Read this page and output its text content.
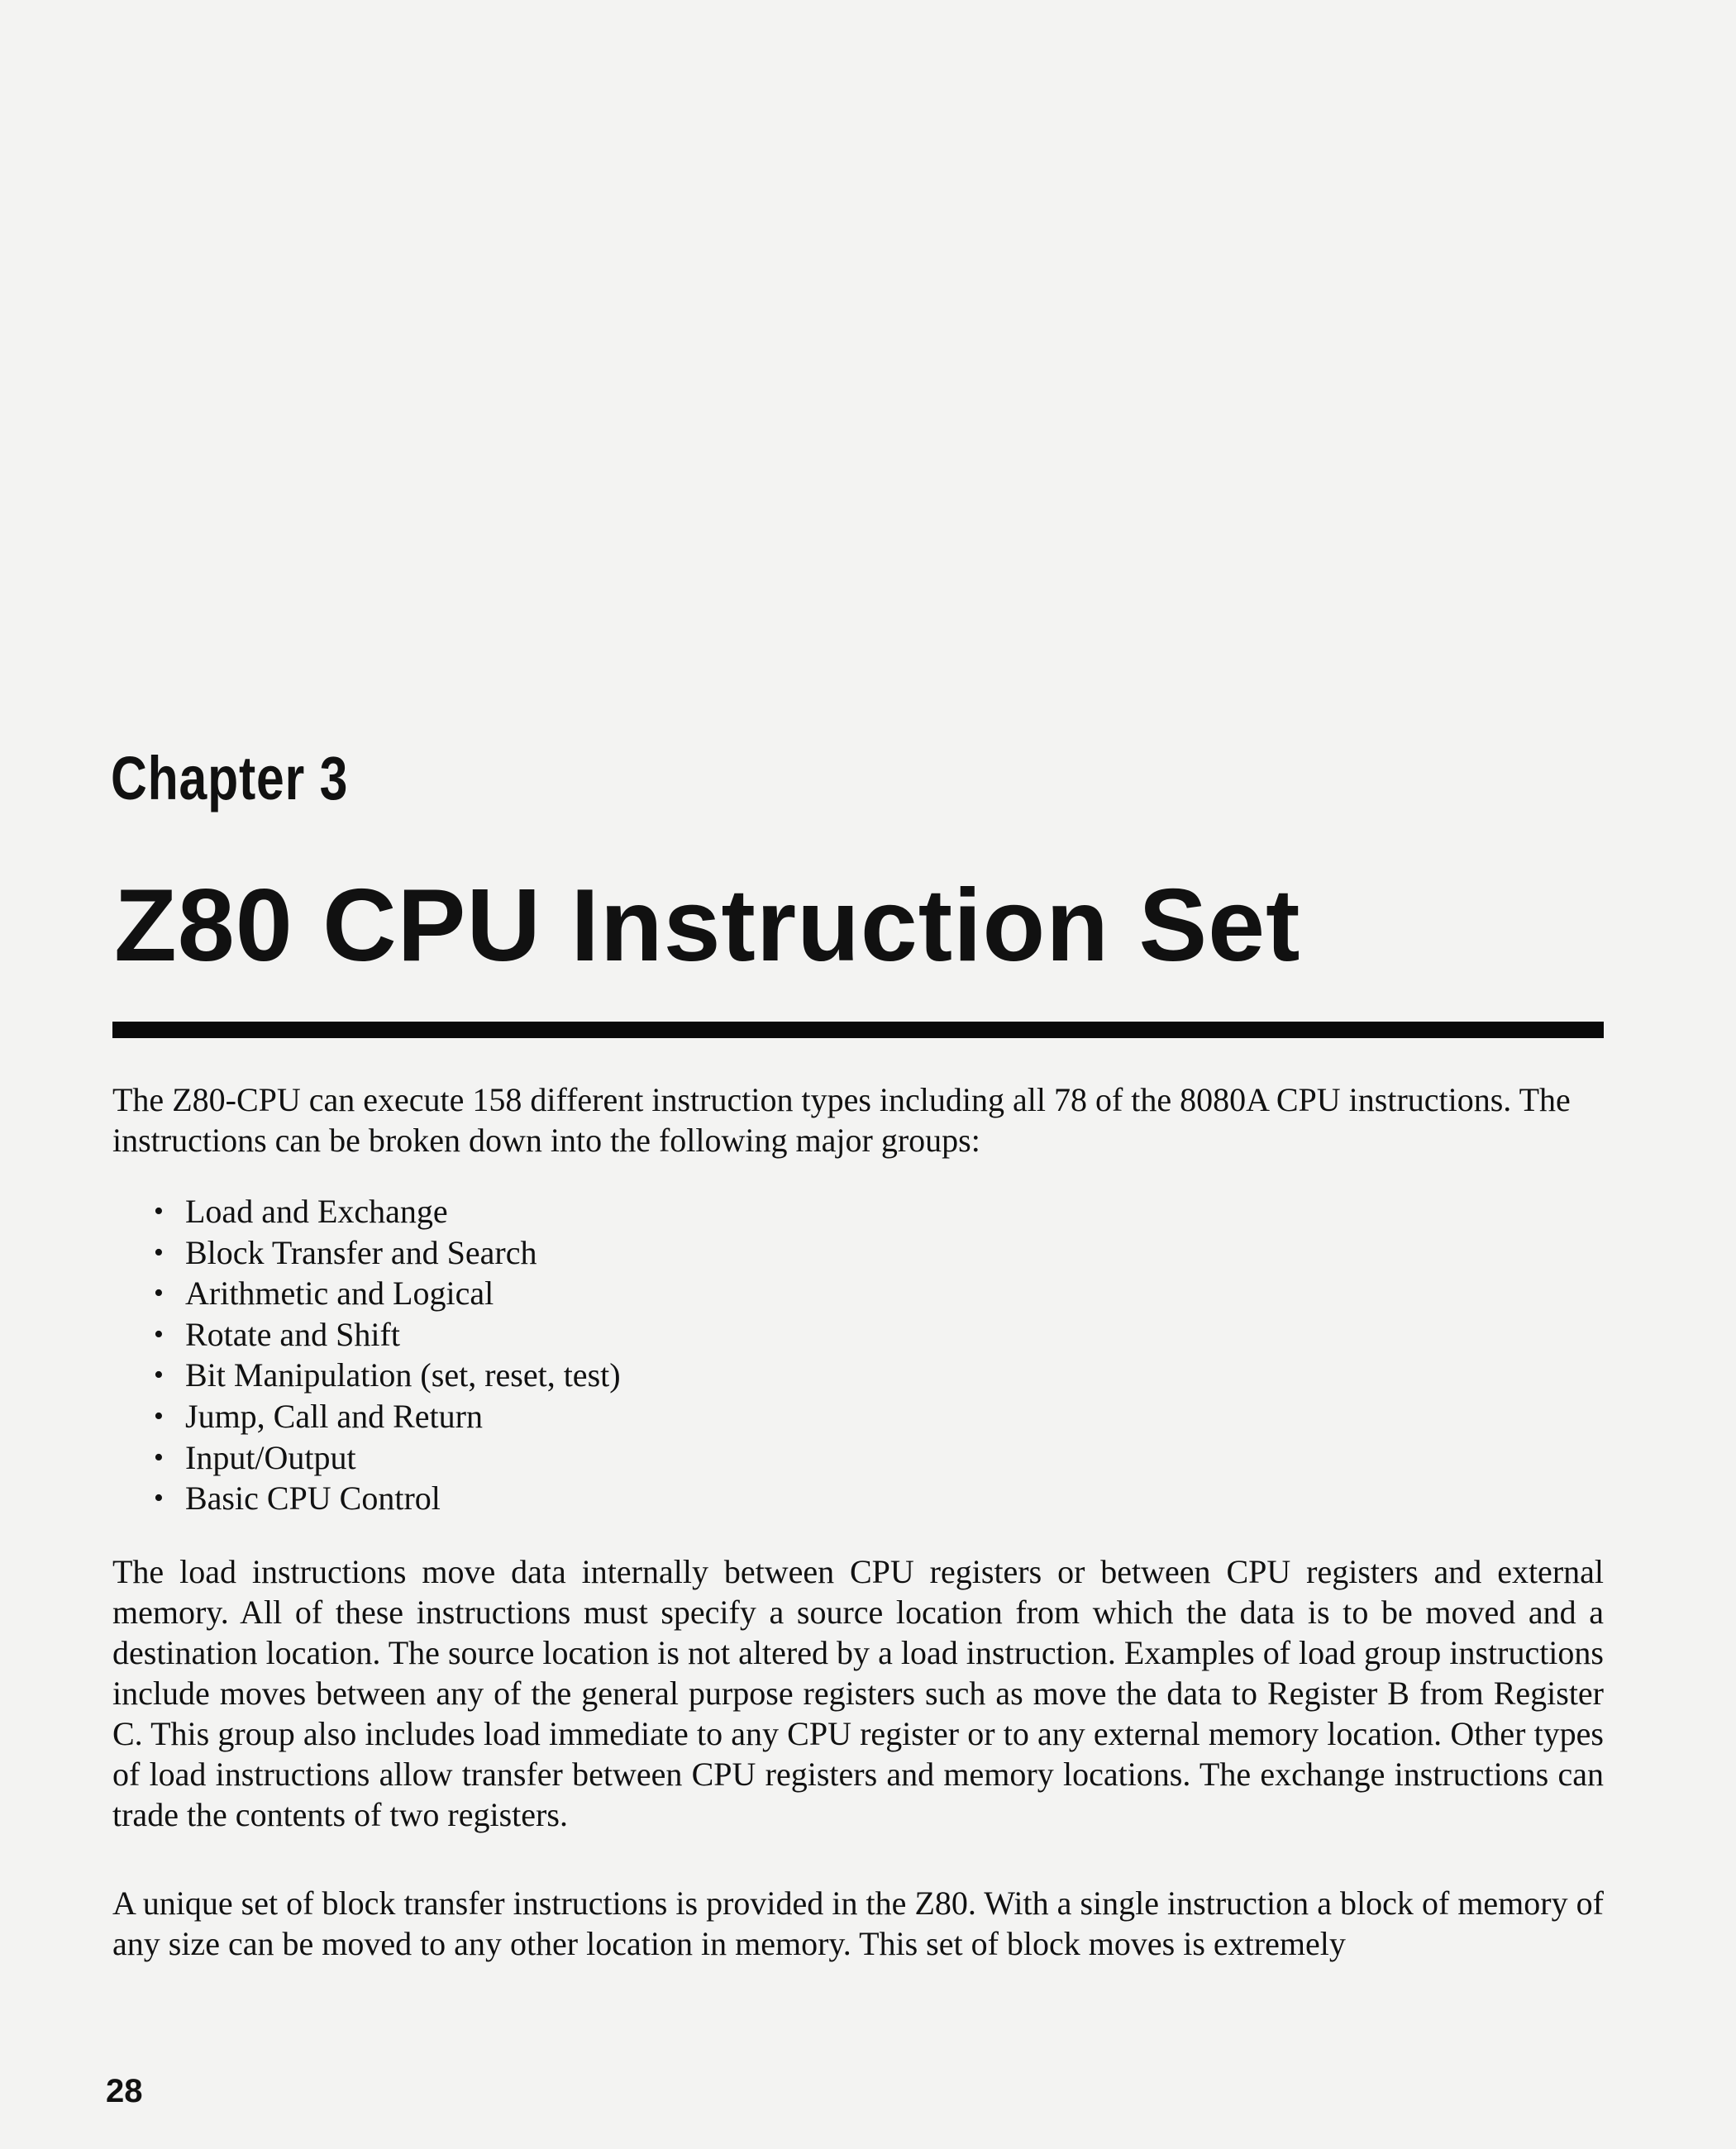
Chapter 3
Z80 CPU Instruction Set

The Z80-CPU can execute 158 different instruction types including all 78 of the 8080A CPU instructions. The instructions can be broken down into the following major groups:

• Load and Exchange
• Block Transfer and Search
• Arithmetic and Logical
• Rotate and Shift
• Bit Manipulation (set, reset, test)
• Jump, Call and Return
• Input/Output
• Basic CPU Control

The load instructions move data internally between CPU registers or between CPU registers and external memory. All of these instructions must specify a source location from which the data is to be moved and a destination location. The source location is not altered by a load instruction. Examples of load group instructions include moves between any of the general purpose registers such as move the data to Register B from Register C. This group also includes load immediate to any CPU register or to any external memory location. Other types of load instructions allow transfer between CPU registers and memory locations. The exchange instructions can trade the contents of two registers.

A unique set of block transfer instructions is provided in the Z80. With a single instruction a block of memory of any size can be moved to any other location in memory. This set of block moves is extremely

28
